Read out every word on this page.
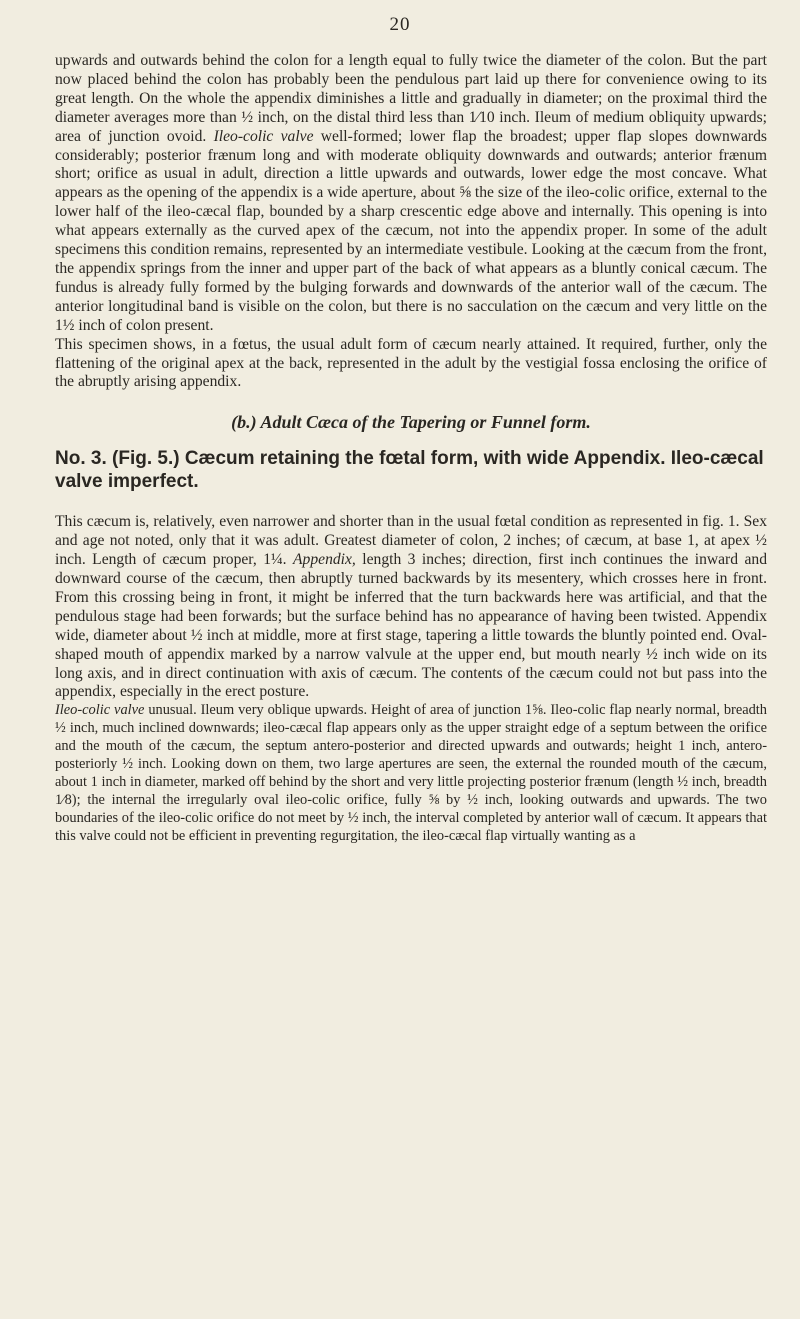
20

upwards and outwards behind the colon for a length equal to fully twice the diameter of the colon. But the part now placed behind the colon has probably been the pendulous part laid up there for convenience owing to its great length. On the whole the appendix diminishes a little and gradually in diameter; on the proximal third the diameter averages more than ½ inch, on the distal third less than 1⁄10 inch. Ileum of medium obliquity upwards; area of junction ovoid. Ileo-colic valve well-formed; lower flap the broadest; upper flap slopes downwards considerably; posterior frænum long and with moderate obliquity downwards and outwards; anterior frænum short; orifice as usual in adult, direction a little upwards and outwards, lower edge the most concave. What appears as the opening of the appendix is a wide aperture, about ⅝ the size of the ileo-colic orifice, external to the lower half of the ileo-cæcal flap, bounded by a sharp crescentic edge above and internally. This opening is into what appears externally as the curved apex of the cæcum, not into the appendix proper. In some of the adult specimens this condition remains, represented by an intermediate vestibule. Looking at the cæcum from the front, the appendix springs from the inner and upper part of the back of what appears as a bluntly conical cæcum. The fundus is already fully formed by the bulging forwards and downwards of the anterior wall of the cæcum. The anterior longitudinal band is visible on the colon, but there is no sacculation on the cæcum and very little on the 1½ inch of colon present.

This specimen shows, in a fœtus, the usual adult form of cæcum nearly attained. It required, further, only the flattening of the original apex at the back, represented in the adult by the vestigial fossa enclosing the orifice of the abruptly arising appendix.

(b.) Adult Cæca of the Tapering or Funnel form.
No. 3. (Fig. 5.) Cæcum retaining the fœtal form, with wide Appendix. Ileo-cæcal valve imperfect.

This cæcum is, relatively, even narrower and shorter than in the usual fœtal condition as represented in fig. 1. Sex and age not noted, only that it was adult. Greatest diameter of colon, 2 inches; of cæcum, at base 1, at apex ½ inch. Length of cæcum proper, 1¼. Appendix, length 3 inches; direction, first inch continues the inward and downward course of the cæcum, then abruptly turned backwards by its mesentery, which crosses here in front. From this crossing being in front, it might be inferred that the turn backwards here was artificial, and that the pendulous stage had been forwards; but the surface behind has no appearance of having been twisted. Appendix wide, diameter about ½ inch at middle, more at first stage, tapering a little towards the bluntly pointed end. Oval-shaped mouth of appendix marked by a narrow valvule at the upper end, but mouth nearly ½ inch wide on its long axis, and in direct continuation with axis of cæcum. The contents of the cæcum could not but pass into the appendix, especially in the erect posture.

Ileo-colic valve unusual. Ileum very oblique upwards. Height of area of junction 1⅝. Ileo-colic flap nearly normal, breadth ½ inch, much inclined downwards; ileo-cæcal flap appears only as the upper straight edge of a septum between the orifice and the mouth of the cæcum, the septum antero-posterior and directed upwards and outwards; height 1 inch, antero-posteriorly ½ inch. Looking down on them, two large apertures are seen, the external the rounded mouth of the cæcum, about 1 inch in diameter, marked off behind by the short and very little projecting posterior frænum (length ½ inch, breadth 1⁄8); the internal the irregularly oval ileo-colic orifice, fully ⅝ by ½ inch, looking outwards and upwards. The two boundaries of the ileo-colic orifice do not meet by ½ inch, the interval completed by anterior wall of cæcum. It appears that this valve could not be efficient in preventing regurgitation, the ileo-cæcal flap virtually wanting as a
